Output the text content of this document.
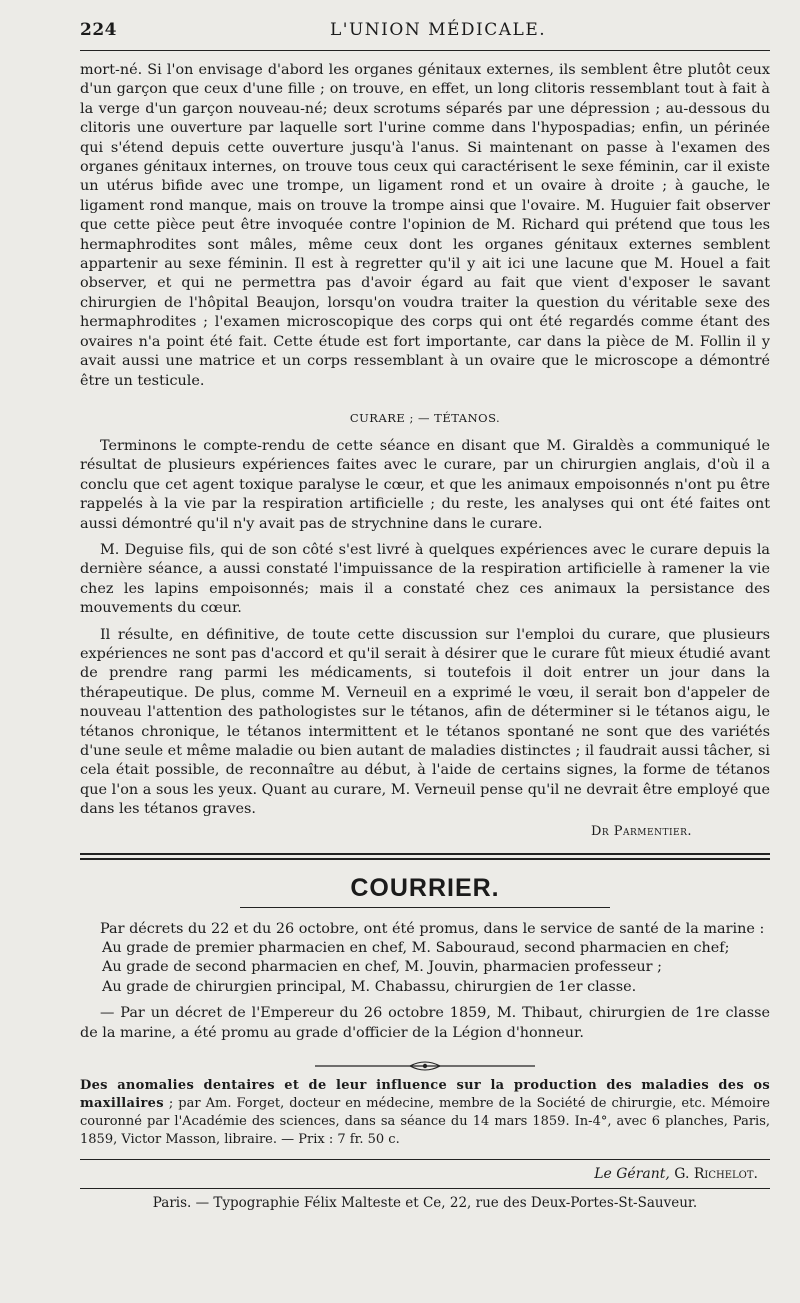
224	L'UNION MÉDICALE.

mort-né. Si l'on envisage d'abord les organes génitaux externes, ils semblent être plutôt ceux d'un garçon que ceux d'une fille ; on trouve, en effet, un long clitoris ressemblant tout à fait à la verge d'un garçon nouveau-né; deux scrotums séparés par une dépression ; au-dessous du clitoris une ouverture par laquelle sort l'urine comme dans l'hypospadias; enfin, un périnée qui s'étend depuis cette ouverture jusqu'à l'anus. Si maintenant on passe à l'examen des organes génitaux internes, on trouve tous ceux qui caractérisent le sexe féminin, car il existe un utérus bifide avec une trompe, un ligament rond et un ovaire à droite ; à gauche, le ligament rond manque, mais on trouve la trompe ainsi que l'ovaire. M. Huguier fait observer que cette pièce peut être invoquée contre l'opinion de M. Richard qui prétend que tous les hermaphrodites sont mâles, même ceux dont les organes génitaux externes semblent appartenir au sexe féminin. Il est à regretter qu'il y ait ici une lacune que M. Houel a fait observer, et qui ne permettra pas d'avoir égard au fait que vient d'exposer le savant chirurgien de l'hôpital Beaujon, lorsqu'on voudra traiter la question du véritable sexe des hermaphrodites ; l'examen microscopique des corps qui ont été regardés comme étant des ovaires n'a point été fait. Cette étude est fort importante, car dans la pièce de M. Follin il y avait aussi une matrice et un corps ressemblant à un ovaire que le microscope a démontré être un testicule.

CURARE ; — TÉTANOS.

Terminons le compte-rendu de cette séance en disant que M. Giraldès a communiqué le résultat de plusieurs expériences faites avec le curare, par un chirurgien anglais, d'où il a conclu que cet agent toxique paralyse le cœur, et que les animaux empoisonnés n'ont pu être rappelés à la vie par la respiration artificielle ; du reste, les analyses qui ont été faites ont aussi démontré qu'il n'y avait pas de strychnine dans le curare.

M. Deguise fils, qui de son côté s'est livré à quelques expériences avec le curare depuis la dernière séance, a aussi constaté l'impuissance de la respiration artificielle à ramener la vie chez les lapins empoisonnés; mais il a constaté chez ces animaux la persistance des mouvements du cœur.

Il résulte, en définitive, de toute cette discussion sur l'emploi du curare, que plusieurs expériences ne sont pas d'accord et qu'il serait à désirer que le curare fût mieux étudié avant de prendre rang parmi les médicaments, si toutefois il doit entrer un jour dans la thérapeutique. De plus, comme M. Verneuil en a exprimé le vœu, il serait bon d'appeler de nouveau l'attention des pathologistes sur le tétanos, afin de déterminer si le tétanos aigu, le tétanos chronique, le tétanos intermittent et le tétanos spontané ne sont que des variétés d'une seule et même maladie ou bien autant de maladies distinctes ; il faudrait aussi tâcher, si cela était possible, de reconnaître au début, à l'aide de certains signes, la forme de tétanos que l'on a sous les yeux. Quant au curare, M. Verneuil pense qu'il ne devrait être employé que dans les tétanos graves.

Dr Parmentier.
COURRIER.

Par décrets du 22 et du 26 octobre, ont été promus, dans le service de santé de la marine :

Au grade de premier pharmacien en chef, M. Sabouraud, second pharmacien en chef;
Au grade de second pharmacien en chef, M. Jouvin, pharmacien professeur ;
Au grade de chirurgien principal, M. Chabassu, chirurgien de 1er classe.

— Par un décret de l'Empereur du 26 octobre 1859, M. Thibaut, chirurgien de 1re classe de la marine, a été promu au grade d'officier de la Légion d'honneur.

Des anomalies dentaires et de leur influence sur la production des maladies des os maxillaires ; par Am. Forget, docteur en médecine, membre de la Société de chirurgie, etc. Mémoire couronné par l'Académie des sciences, dans sa séance du 14 mars 1859. In-4°, avec 6 planches, Paris, 1859, Victor Masson, libraire. — Prix : 7 fr. 50 c.

Le Gérant, G. Richelot.
Paris. — Typographie Félix Malteste et Ce, 22, rue des Deux-Portes-St-Sauveur.
